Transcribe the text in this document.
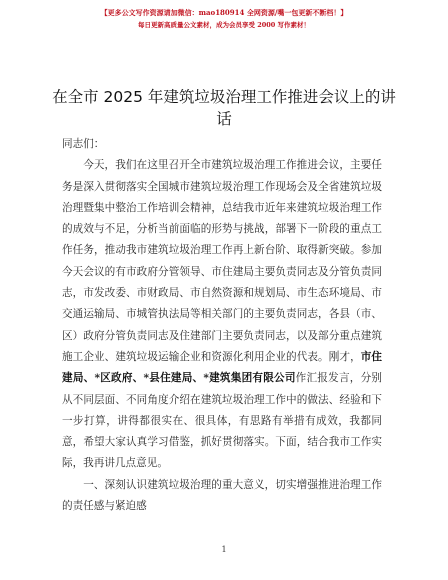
【更多公文写作资源请加微信：mao180914 全网资源/嘴一包更新不断档！】
每日更新高质量公文素材，成为会员享受 2000 写作素材！
在全市 2025 年建筑垃圾治理工作推进会议上的讲话

同志们：

今天，我们在这里召开全市建筑垃圾治理工作推进会议，主要任务是深入贯彻落实全国城市建筑垃圾治理工作现场会及全省建筑垃圾治理暨集中整治工作培训会精神，总结我市近年来建筑垃圾治理工作的成效与不足，分析当前面临的形势与挑战，部署下一阶段的重点工作任务，推动我市建筑垃圾治理工作再上新台阶、取得新突破。参加今天会议的有市政府分管领导、市住建局主要负责同志及分管负责同志，市发改委、市财政局、市自然资源和规划局、市生态环境局、市交通运输局、市城管执法局等相关部门的主要负责同志，各县（市、区）政府分管负责同志及住建部门主要负责同志，以及部分重点建筑施工企业、建筑垃圾运输企业和资源化利用企业的代表。刚才，市住建局、*区政府、*县住建局、*建筑集团有限公司作汇报发言，分别从不同层面、不同角度介绍在建筑垃圾治理工作中的做法、经验和下一步打算，讲得都很实在、很具体，有思路有举措有成效，我都同意，希望大家认真学习借鉴，抓好贯彻落实。下面，结合我市工作实际，我再讲几点意见。

一、深刻认识建筑垃圾治理的重大意义，切实增强推进治理工作的责任感与紧迫感

1
